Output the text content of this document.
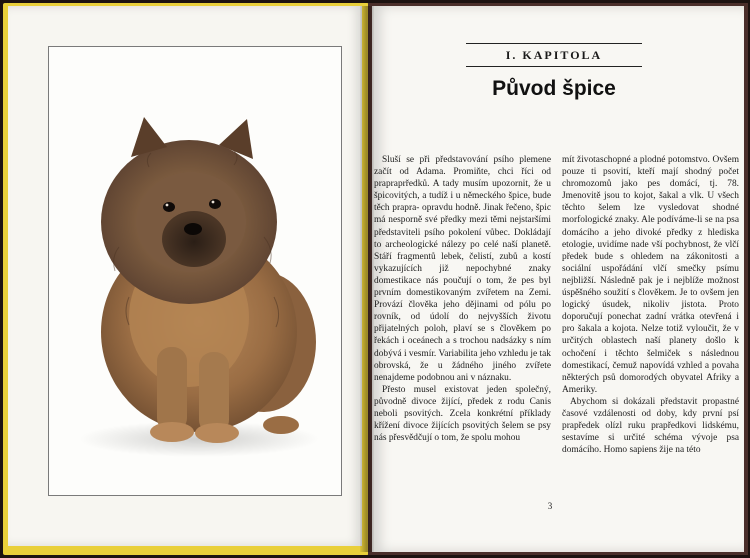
I. KAPITOLA
Původ špice

Sluší se při představování psího plemene začít od Adama. Promiňte, chci říci od prapraprředků. A tady musím upozornit, že u špicovitých, a tudíž i u německého špice, bude těch prapra- opravdu hodně. Jinak řečeno, špic má nesporně své předky mezi těmi nejstaršími představiteli psího pokolení vůbec. Dokládají to archeologické nálezy po celé naší planetě. Stáří fragmentů lebek, čelistí, zubů a kostí vykazujících již nepochybné znaky domestikace nás poučují o tom, že pes byl prvním domestikovaným zvířetem na Zemi. Provází člověka jeho dějinami od pólu po rovník, od údolí do nejvyšších životu přijatelných poloh, plaví se s člověkem po řekách i oceánech a s trochou nadsázky s ním dobývá i vesmír. Variabilita jeho vzhledu je tak obrovská, že u žádného jiného zvířete nenajdeme podobnou ani v náznaku.

Přesto musel existovat jeden společný, původně divoce žijící, předek z rodu Canis neboli psovitých. Zcela konkrétní příklady křížení divoce žijících psovitých šelem se psy nás přesvědčují o tom, že spolu mohou

mít životaschopné a plodné potomstvo. Ovšem pouze ti psovití, kteří mají shodný počet chromozomů jako pes domácí, tj. 78. Jmenovitě jsou to kojot, šakal a vlk. U všech těchto šelem lze vysledovat shodné morfologické znaky. Ale podíváme-li se na psa domácího a jeho divoké předky z hlediska etologie, uvidíme nade vší pochybnost, že vlčí předek bude s ohledem na zákonitosti a sociální uspořádání vlčí smečky psímu nejbližší. Následně pak je i nejblíže možnost úspěšného soužití s člověkem. Je to ovšem jen logický úsudek, nikoliv jistota. Proto doporučují ponechat zadní vrátka otevřená i pro šakala a kojota. Nelze totiž vyloučit, že v určitých oblastech naší planety došlo k ochočení i těchto šelmiček s následnou domestikací, čemuž napovídá vzhled a povaha některých psů domorodých obyvatel Afriky a Ameriky.

Abychom si dokázali představit propastné časové vzdálenosti od doby, kdy první psí prapředek olízl ruku prapředkovi lidskému, sestavíme si určité schéma vývoje psa domácího. Homo sapiens žije na této

3
